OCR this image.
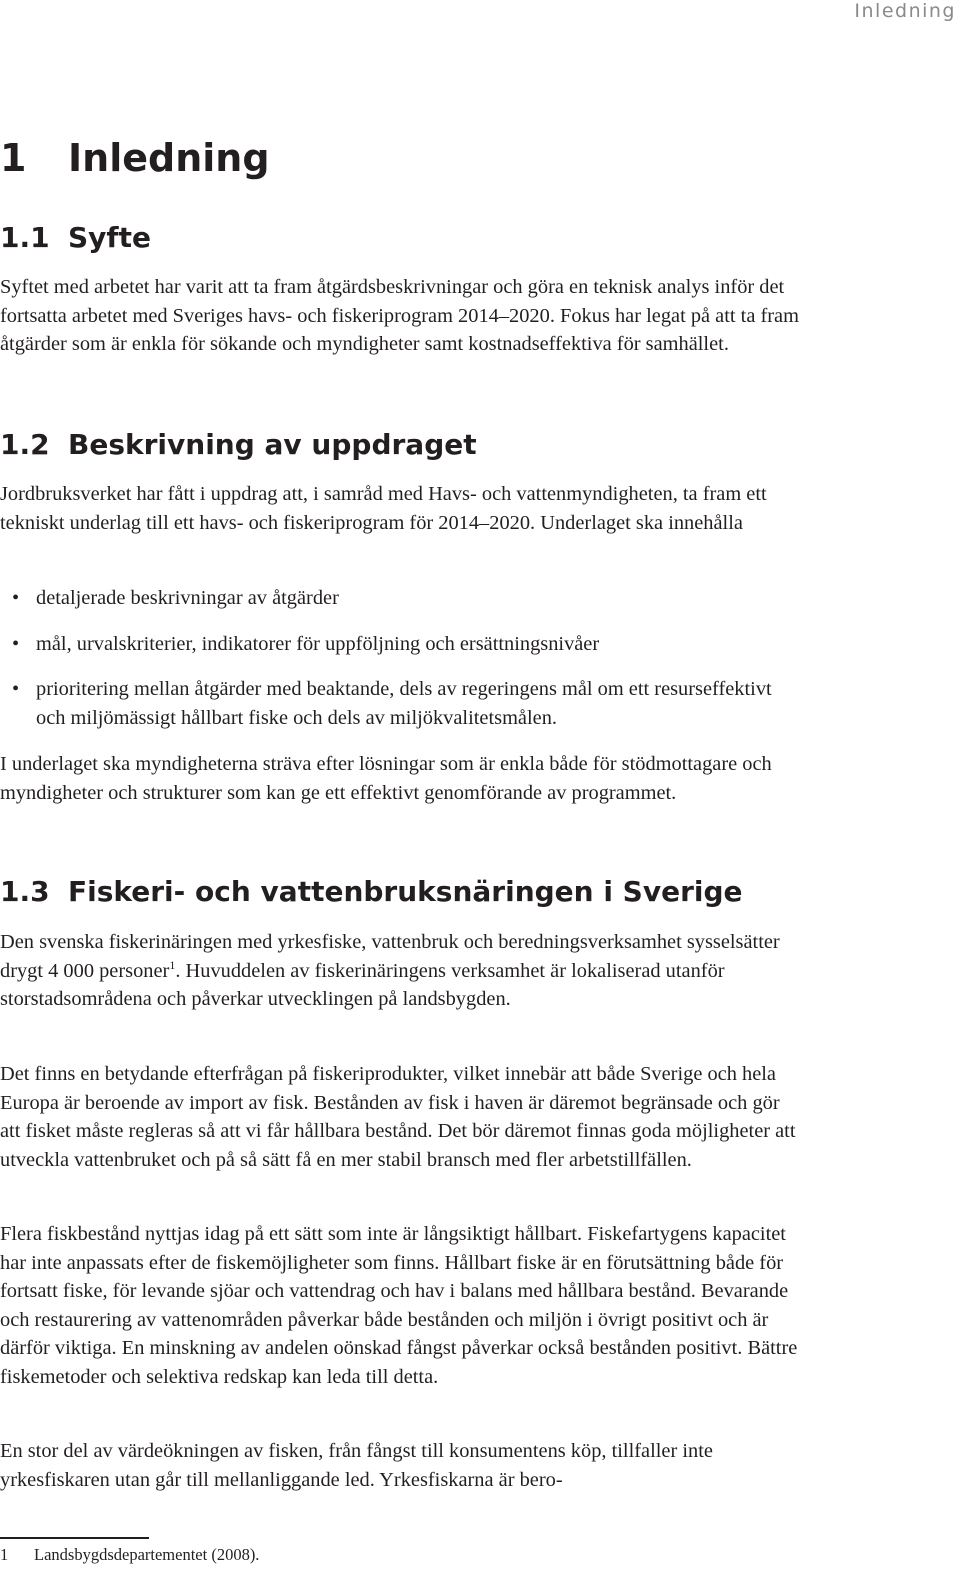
Inledning
1 Inledning
1.1 Syfte

Syftet med arbetet har varit att ta fram åtgärdsbeskrivningar och göra en teknisk analys inför det fortsatta arbetet med Sveriges havs- och fiskeriprogram 2014–2020. Fokus har legat på att ta fram åtgärder som är enkla för sökande och myndigheter samt kostnadseffektiva för samhället.

1.2 Beskrivning av uppdraget

Jordbruksverket har fått i uppdrag att, i samråd med Havs- och vattenmyndigheten, ta fram ett tekniskt underlag till ett havs- och fiskeriprogram för 2014–2020. Underlaget ska innehålla

• detaljerade beskrivningar av åtgärder
• mål, urvalskriterier, indikatorer för uppföljning och ersättningsnivåer
• prioritering mellan åtgärder med beaktande, dels av regeringens mål om ett resurseffektivt och miljömässigt hållbart fiske och dels av miljökvalitetsmålen.

I underlaget ska myndigheterna sträva efter lösningar som är enkla både för stödmottagare och myndigheter och strukturer som kan ge ett effektivt genomförande av programmet.

1.3 Fiskeri- och vattenbruksnäringen i Sverige

Den svenska fiskerinäringen med yrkesfiske, vattenbruk och beredningsverksamhet sysselsätter drygt 4 000 personer$^1$. Huvuddelen av fiskerinäringens verksamhet är lokaliserad utanför storstadsområdena och påverkar utvecklingen på landsbygden.

Det finns en betydande efterfrågan på fiskeriprodukter, vilket innebär att både Sverige och hela Europa är beroende av import av fisk. Bestånden av fisk i haven är däremot begränsade och gör att fisket måste regleras så att vi får hållbara bestånd. Det bör däremot finnas goda möjligheter att utveckla vattenbruket och på så sätt få en mer stabil bransch med fler arbetstillfällen.

Flera fiskbestånd nyttjas idag på ett sätt som inte är långsiktigt hållbart. Fiskefartygens kapacitet har inte anpassats efter de fiskemöjligheter som finns. Hållbart fiske är en förutsättning både för fortsatt fiske, för levande sjöar och vattendrag och hav i balans med hållbara bestånd. Bevarande och restaurering av vattenområden påverkar både bestånden och miljön i övrigt positivt och är därför viktiga. En minskning av andelen oönskad fångst påverkar också bestånden positivt. Bättre fiskemetoder och selektiva redskap kan leda till detta.

En stor del av värdeökningen av fisken, från fångst till konsumentens köp, tillfaller inte yrkesfiskaren utan går till mellanliggande led. Yrkesfiskarna är bero-

1 Landsbygdsdepartementet (2008).
